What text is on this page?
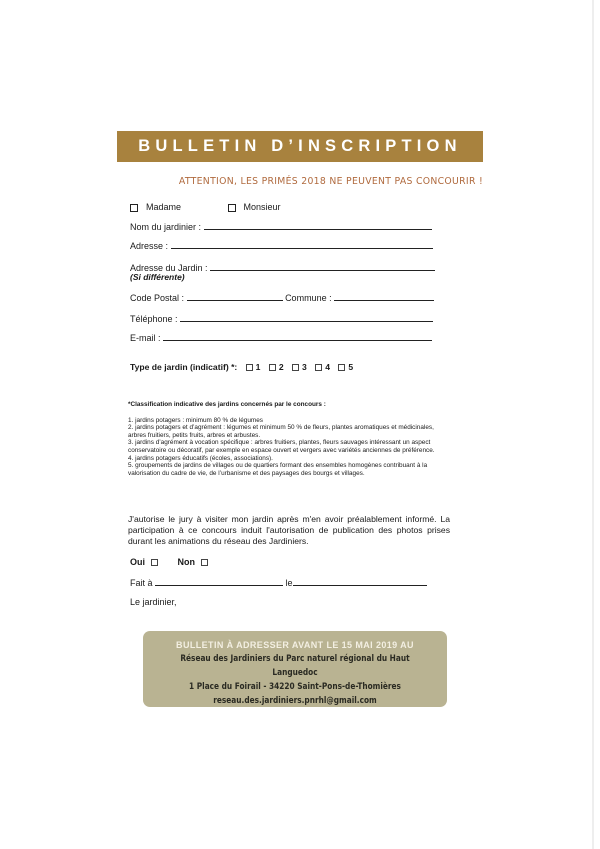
BULLETIN D’INSCRIPTION
ATTENTION, LES PRIMÉS 2018 NE PEUVENT PAS CONCOURIR !
Madame	Monsieur
Nom du jardinier :
Adresse :
Adresse du Jardin :
(Si différente)
Code Postal :	Commune :
Téléphone :
E-mail :
Type de jardin (indicatif) *: 1 2 3 4 5

*Classification indicative des jardins concernés par le concours :

1. jardins potagers : minimum 80 % de légumes

2. jardins potagers et d’agrément : légumes et minimum 50 % de fleurs, plantes aromatiques et médicinales, arbres fruitiers, petits fruits, arbres et arbustes.

3. jardins d’agrément à vocation spécifique : arbres fruitiers, plantes, fleurs sauvages intéressant un aspect conservatoire ou décoratif, par exemple en espace ouvert et vergers avec variétés anciennes de préférence.

4. jardins potagers éducatifs (écoles, associations).

5. groupements de jardins de villages ou de quartiers formant des ensembles homogènes contribuant à la valorisation du cadre de vie, de l’urbanisme et des paysages des bourgs et villages.

J'autorise le jury à visiter mon jardin après m'en avoir préalablement informé. La participation à ce concours induit l'autorisation de publication des photos prises durant les animations du réseau des Jardiniers.
Oui	Non
Fait à	le
Le jardinier,
BULLETIN À ADRESSER AVANT LE 15 MAI 2019 AU
Réseau des Jardiniers du Parc naturel régional du Haut Languedoc
1 Place du Foirail - 34220 Saint-Pons-de-Thomières
reseau.des.jardiniers.pnrhl@gmail.com
